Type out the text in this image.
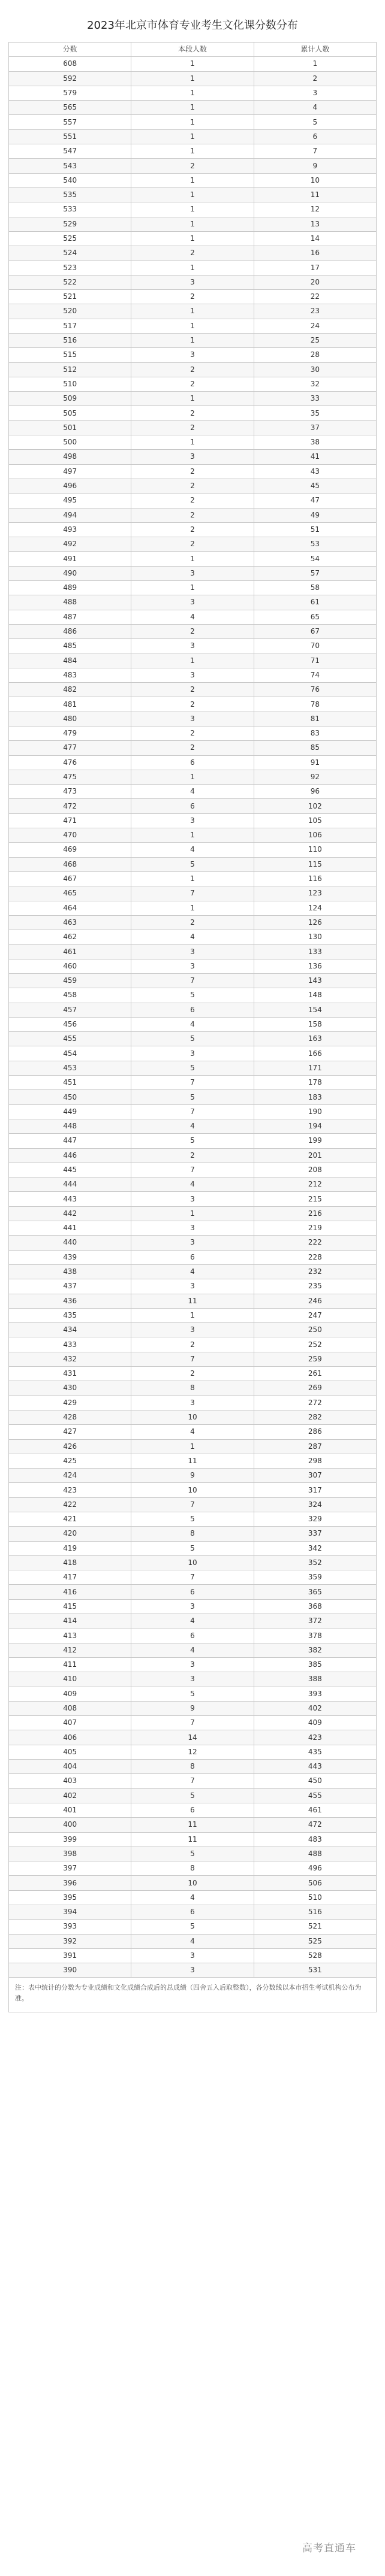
2023年北京市体育专业考生文化课分数分布
分数	本段人数	累计人数
608	1	1
592	1	2
579	1	3
565	1	4
557	1	5
551	1	6
547	1	7
543	2	9
540	1	10
535	1	11
533	1	12
529	1	13
525	1	14
524	2	16
523	1	17
522	3	20
521	2	22
520	1	23
517	1	24
516	1	25
515	3	28
512	2	30
510	2	32
509	1	33
505	2	35
501	2	37
500	1	38
498	3	41
497	2	43
496	2	45
495	2	47
494	2	49
493	2	51
492	2	53
491	1	54
490	3	57
489	1	58
488	3	61
487	4	65
486	2	67
485	3	70
484	1	71
483	3	74
482	2	76
481	2	78
480	3	81
479	2	83
477	2	85
476	6	91
475	1	92
473	4	96
472	6	102
471	3	105
470	1	106
469	4	110
468	5	115
467	1	116
465	7	123
464	1	124
463	2	126
462	4	130
461	3	133
460	3	136
459	7	143
458	5	148
457	6	154
456	4	158
455	5	163
454	3	166
453	5	171
451	7	178
450	5	183
449	7	190
448	4	194
447	5	199
446	2	201
445	7	208
444	4	212
443	3	215
442	1	216
441	3	219
440	3	222
439	6	228
438	4	232
437	3	235
436	11	246
435	1	247
434	3	250
433	2	252
432	7	259
431	2	261
430	8	269
429	3	272
428	10	282
427	4	286
426	1	287
425	11	298
424	9	307
423	10	317
422	7	324
421	5	329
420	8	337
419	5	342
418	10	352
417	7	359
416	6	365
415	3	368
414	4	372
413	6	378
412	4	382
411	3	385
410	3	388
409	5	393
408	9	402
407	7	409
406	14	423
405	12	435
404	8	443
403	7	450
402	5	455
401	6	461
400	11	472
399	11	483
398	5	488
397	8	496
396	10	506
395	4	510
394	6	516
393	5	521
392	4	525
391	3	528
390	3	531
注：表中统计的分数为专业成绩和文化成绩合成后的总成绩（四舍五入后取整数），各分数线以本市招生考试机构公布为准。
高考直通车
